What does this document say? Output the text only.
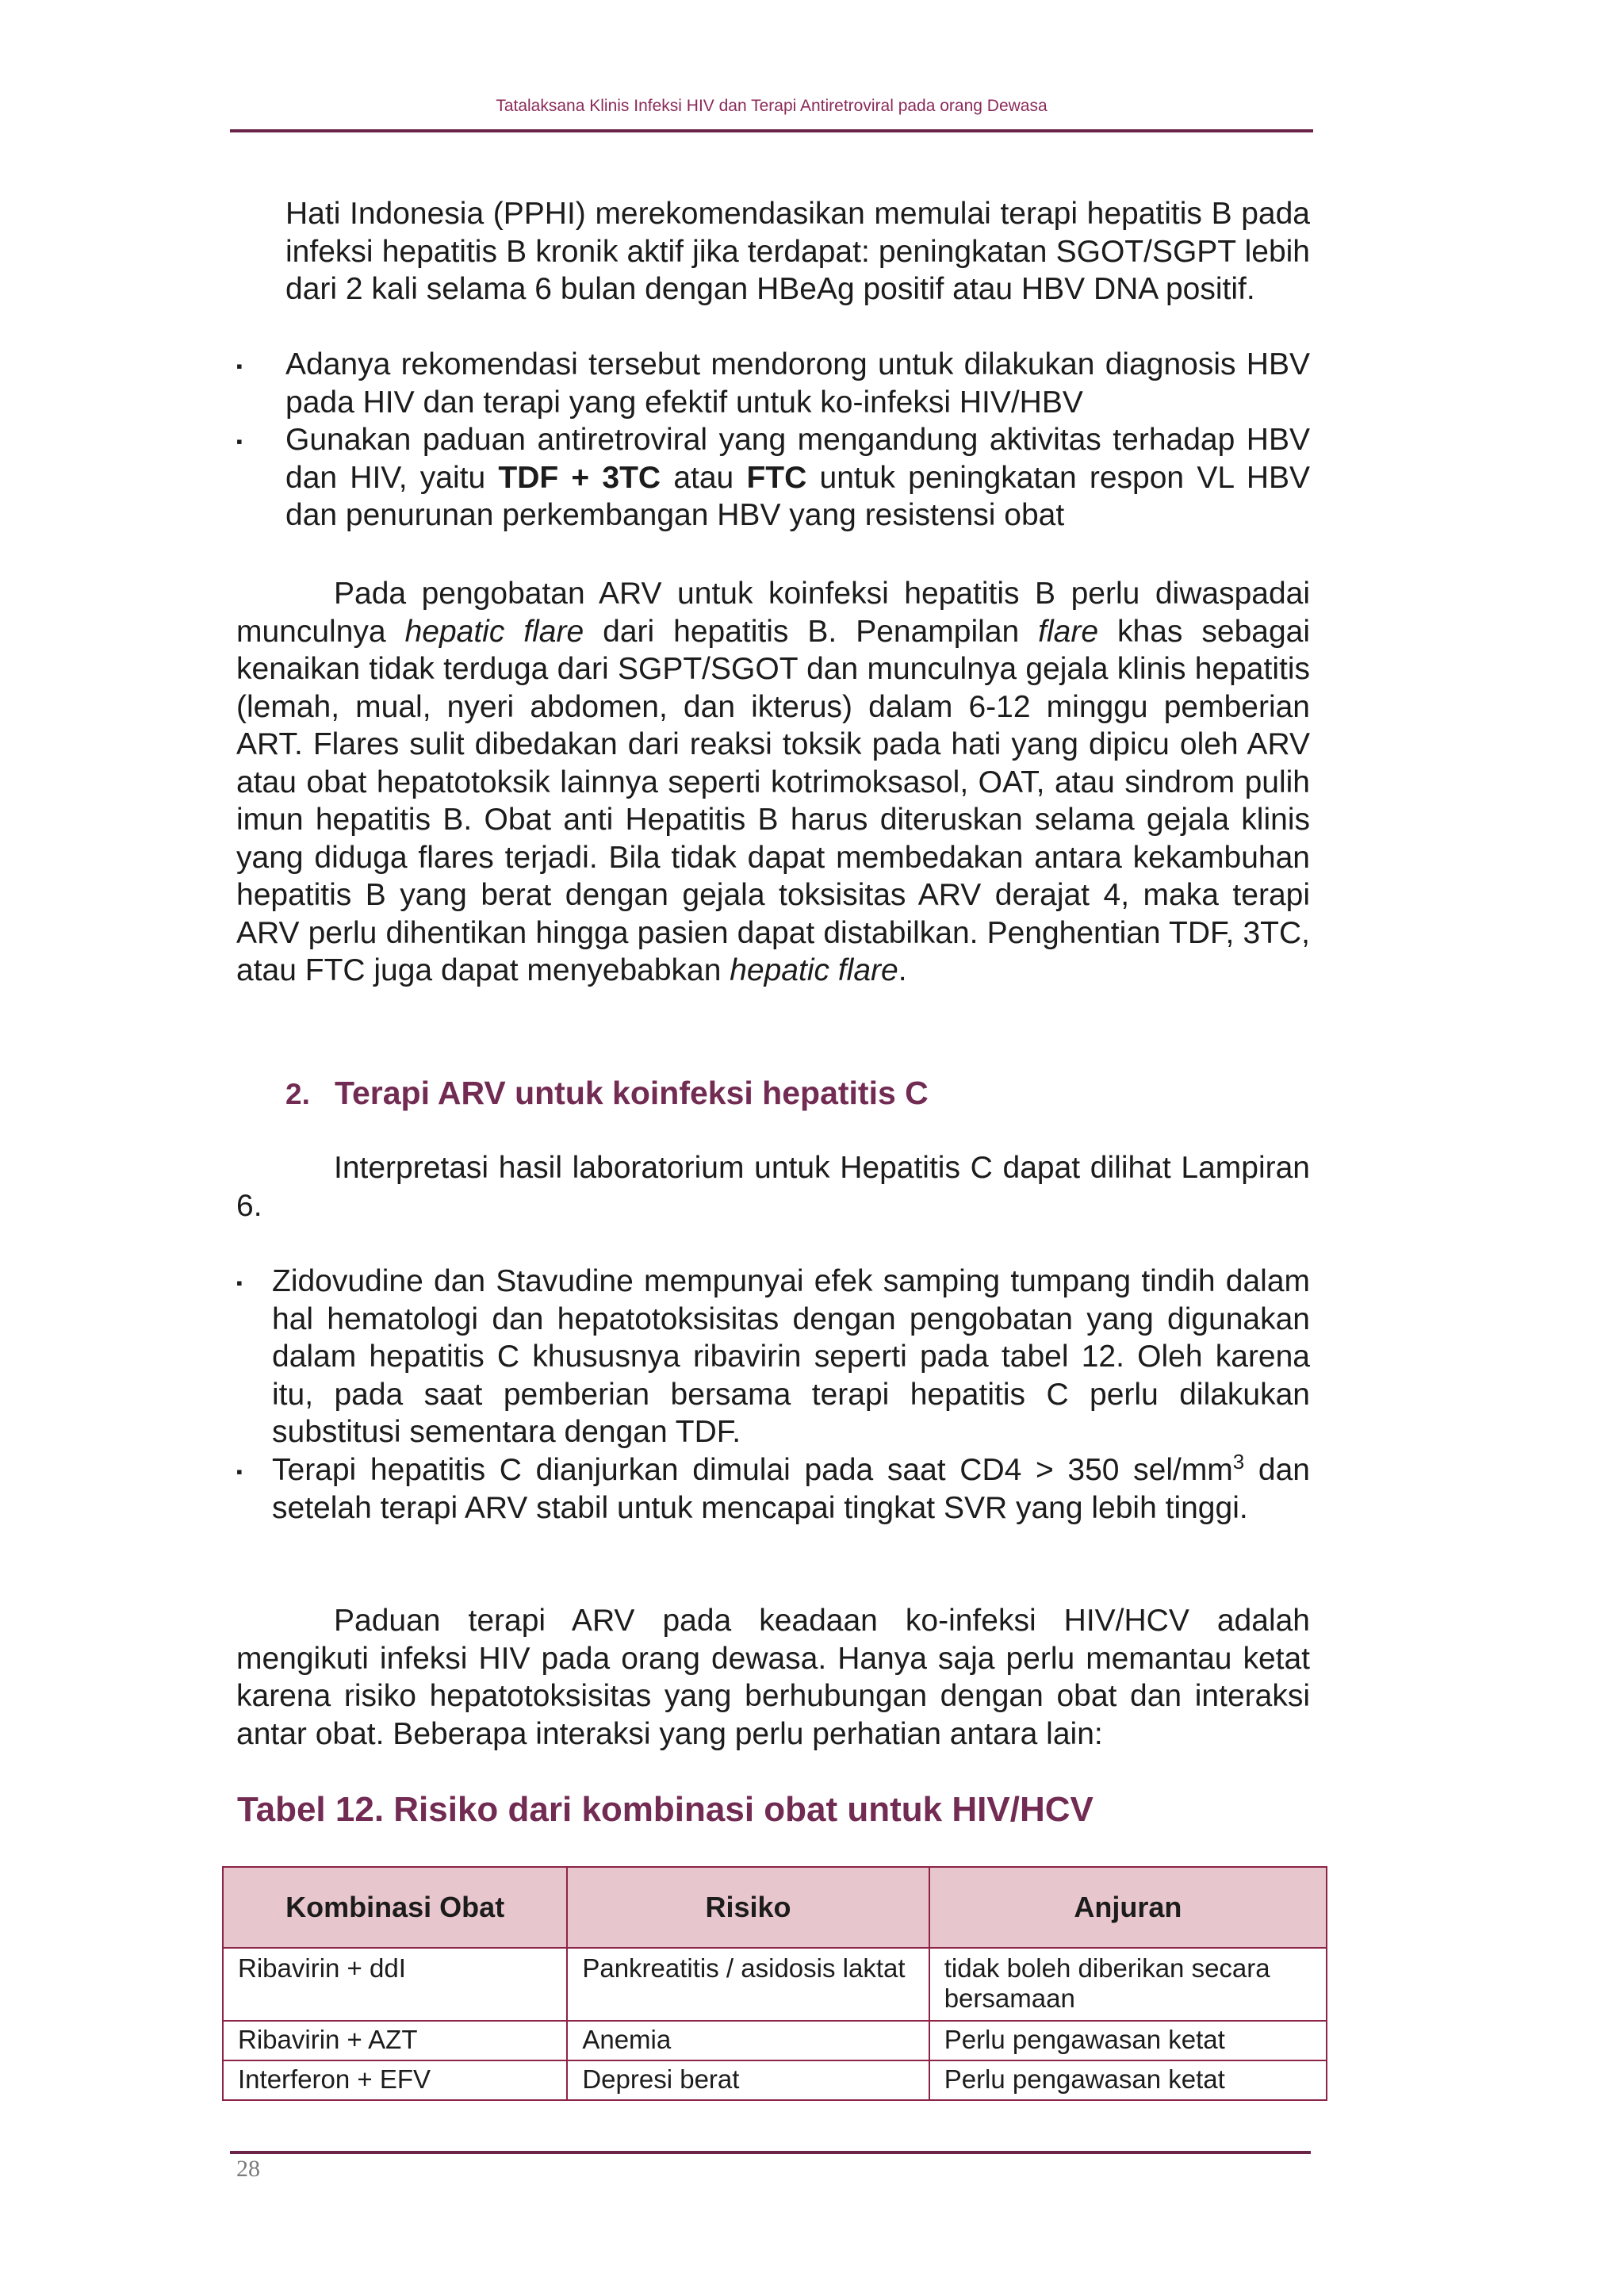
Tatalaksana Klinis Infeksi HIV dan Terapi Antiretroviral pada orang Dewasa
Hati Indonesia (PPHI) merekomendasikan memulai terapi hepatitis B pada infeksi hepatitis B kronik aktif jika terdapat: peningkatan SGOT/SGPT lebih dari 2 kali selama 6 bulan dengan HBeAg positif atau HBV DNA positif.
▪
Adanya rekomendasi tersebut mendorong untuk dilakukan diagnosis HBV pada HIV dan terapi yang efektif untuk ko-infeksi HIV/HBV
▪
Gunakan paduan antiretroviral yang mengandung aktivitas terhadap HBV dan HIV, yaitu TDF + 3TC atau FTC untuk peningkatan respon VL HBV dan penurunan perkembangan HBV yang resistensi obat
Pada pengobatan ARV untuk koinfeksi hepatitis B perlu diwaspadai munculnya hepatic flare dari hepatitis B. Penampilan flare khas sebagai kenaikan tidak terduga dari SGPT/SGOT dan munculnya gejala klinis hepatitis (lemah, mual, nyeri abdomen, dan ikterus) dalam 6-12 minggu pemberian ART. Flares sulit dibedakan dari reaksi toksik pada hati yang dipicu oleh ARV atau obat hepatotoksik lainnya seperti kotrimoksasol, OAT, atau sindrom pulih imun hepatitis B. Obat anti Hepatitis B harus diteruskan selama gejala klinis yang diduga flares terjadi. Bila tidak dapat membedakan antara kekambuhan hepatitis B yang berat dengan gejala toksisitas ARV derajat 4, maka terapi ARV perlu dihentikan hingga pasien dapat distabilkan. Penghentian TDF, 3TC, atau FTC juga dapat menyebabkan hepatic flare.
2. Terapi ARV untuk koinfeksi hepatitis C
Interpretasi hasil laboratorium untuk Hepatitis C dapat dilihat Lampiran 6.
▪
Zidovudine dan Stavudine mempunyai efek samping tumpang tindih dalam hal hematologi dan hepatotoksisitas dengan pengobatan yang digunakan dalam hepatitis C khususnya ribavirin seperti pada tabel 12. Oleh karena itu, pada saat pemberian bersama terapi hepatitis C perlu dilakukan substitusi sementara dengan TDF.
▪
Terapi hepatitis C dianjurkan dimulai pada saat CD4 > 350 sel/$mm^3$ dan setelah terapi ARV stabil untuk mencapai tingkat SVR yang lebih tinggi.
Paduan terapi ARV pada keadaan ko-infeksi HIV/HCV adalah mengikuti infeksi HIV pada orang dewasa. Hanya saja perlu memantau ketat karena risiko hepatotoksisitas yang berhubungan dengan obat dan interaksi antar obat. Beberapa interaksi yang perlu perhatian antara lain:
Tabel 12. Risiko dari kombinasi obat untuk HIV/HCV
Kombinasi Obat	Risiko	Anjuran
Ribavirin + ddI	Pankreatitis / asidosis laktat	tidak boleh diberikan secara bersamaan
Ribavirin + AZT	Anemia	Perlu pengawasan ketat
Interferon + EFV	Depresi berat	Perlu pengawasan ketat
28
